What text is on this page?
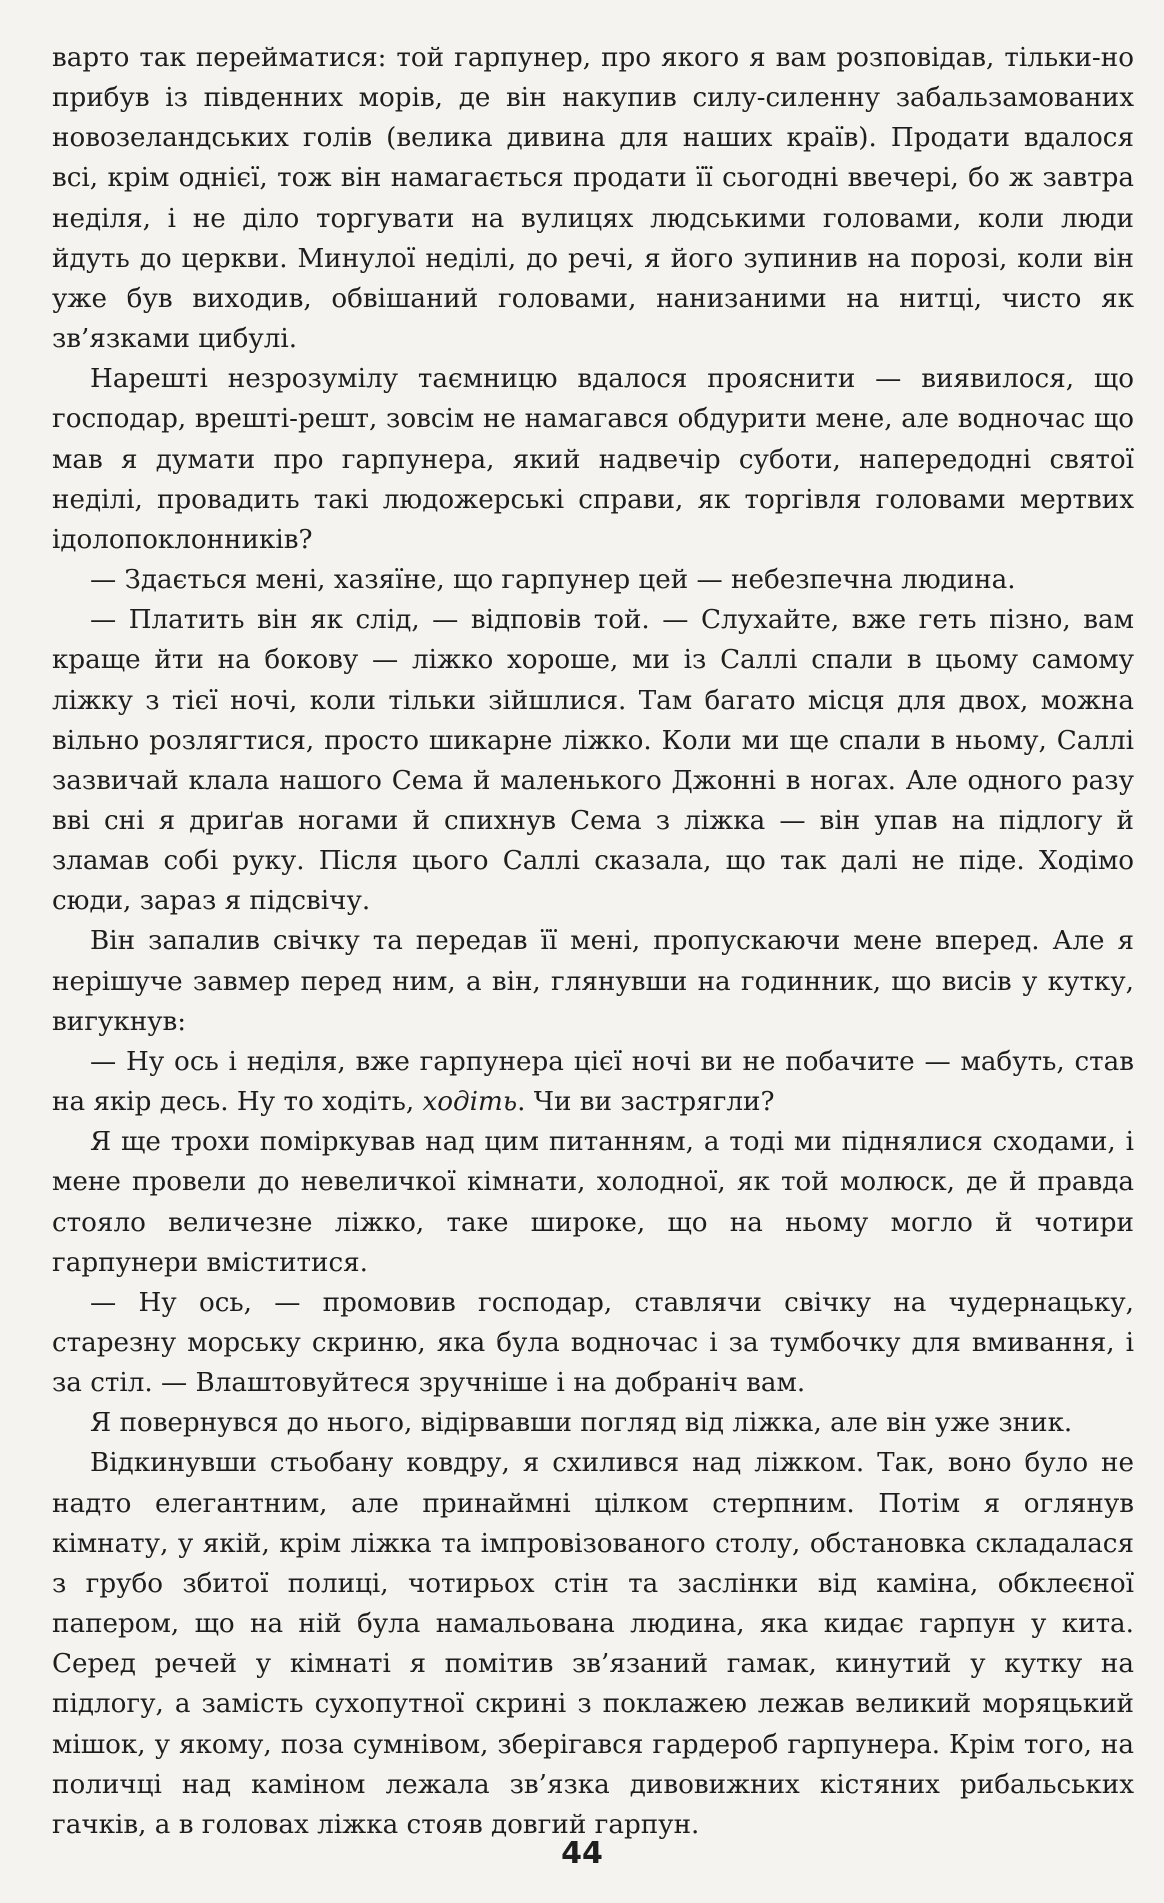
варто так перейматися: той гарпунер, про якого я вам розповідав, тільки-но прибув із південних морів, де він накупив силу-силенну забальзамованих новозеландських голів (велика дивина для наших країв). Продати вдалося всі, крім однієї, тож він намагається продати її сьогодні ввечері, бо ж завтра неділя, і не діло торгувати на вулицях людськими головами, коли люди йдуть до церкви. Минулої неділі, до речі, я його зупинив на порозі, коли він уже був виходив, обвішаний головами, нанизаними на нитці, чисто як зв’язками цибулі.

Нарешті незрозумілу таємницю вдалося прояснити — виявилося, що господар, врешті-решт, зовсім не намагався обдурити мене, але водночас що мав я думати про гарпунера, який надвечір суботи, напередодні святої неділі, провадить такі людожерські справи, як торгівля головами мертвих ідолопоклонників?

— Здається мені, хазяїне, що гарпунер цей — небезпечна людина.

— Платить він як слід, — відповів той. — Слухайте, вже геть пізно, вам краще йти на бокову — ліжко хороше, ми із Саллі спали в цьому самому ліжку з тієї ночі, коли тільки зійшлися. Там багато місця для двох, можна вільно розлягтися, просто шикарне ліжко. Коли ми ще спали в ньому, Саллі зазвичай клала нашого Сема й маленького Джонні в ногах. Але одного разу вві сні я дриґав ногами й спихнув Сема з ліжка — він упав на підлогу й зламав собі руку. Після цього Саллі сказала, що так далі не піде. Ходімо сюди, зараз я підсвічу.

Він запалив свічку та передав її мені, пропускаючи мене вперед. Але я нерішуче завмер перед ним, а він, глянувши на годинник, що висів у кутку, вигукнув:

— Ну ось і неділя, вже гарпунера цієї ночі ви не побачите — мабуть, став на якір десь. Ну то ходіть, ходіть. Чи ви застрягли?

Я ще трохи поміркував над цим питанням, а тоді ми піднялися сходами, і мене провели до невеличкої кімнати, холодної, як той молюск, де й правда стояло величезне ліжко, таке широке, що на ньому могло й чотири гарпунери вміститися.

— Ну ось, — промовив господар, ставлячи свічку на чудернацьку, старезну морську скриню, яка була водночас і за тумбочку для вмивання, і за стіл. — Влаштовуйтеся зручніше і на добраніч вам.

Я повернувся до нього, відірвавши погляд від ліжка, але він уже зник.

Відкинувши стьобану ковдру, я схилився над ліжком. Так, воно було не надто елегантним, але принаймні цілком стерпним. Потім я оглянув кімнату, у якій, крім ліжка та імпровізованого столу, обстановка складалася з грубо збитої полиці, чотирьох стін та заслінки від каміна, обклеєної папером, що на ній була намальована людина, яка кидає гарпун у кита. Серед речей у кімнаті я помітив зв’язаний гамак, кинутий у кутку на підлогу, а замість сухопутної скрині з поклажею лежав великий моряцький мішок, у якому, поза сумнівом, зберігався гардероб гарпунера. Крім того, на поличці над каміном лежала зв’язка дивовижних кістяних рибальських гачків, а в головах ліжка стояв довгий гарпун.

44
